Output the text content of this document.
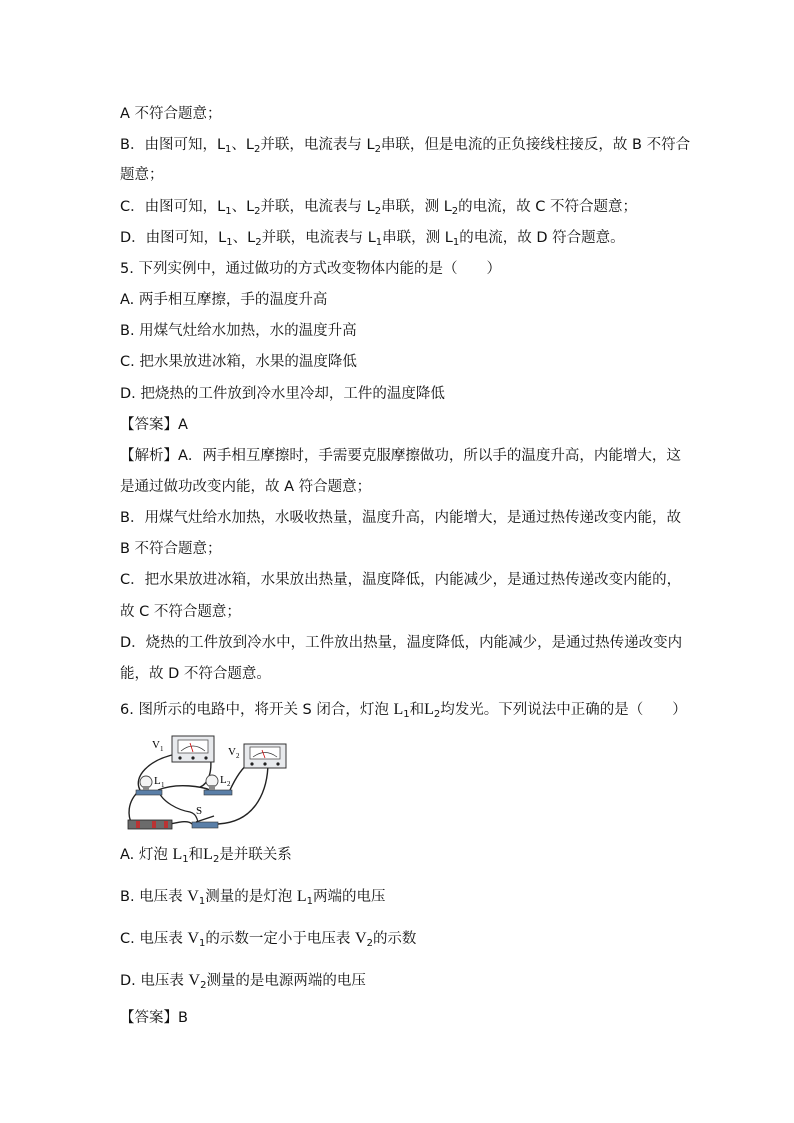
A 不符合题意；
B．由图可知，$L_1$、$L_2$并联，电流表与 $L_2$串联，但是电流的正负接线柱接反，故 B 不符合
题意；
C．由图可知，$L_1$、$L_2$并联，电流表与 $L_2$串联，测 $L_2$的电流，故 C 不符合题意；
D．由图可知，$L_1$、$L_2$并联，电流表与 $L_1$串联，测 $L_1$的电流，故 D 符合题意。
5. 下列实例中，通过做功的方式改变物体内能的是（　　）
A. 两手相互摩擦，手的温度升高
B. 用煤气灶给水加热，水的温度升高
C. 把水果放进冰箱，水果的温度降低
D. 把烧热的工件放到冷水里冷却，工件的温度降低
【答案】A
【解析】A．两手相互摩擦时，手需要克服摩擦做功，所以手的温度升高，内能增大，这
是通过做功改变内能，故 A 符合题意；
B．用煤气灶给水加热，水吸收热量，温度升高，内能增大，是通过热传递改变内能，故
B 不符合题意；
C．把水果放进冰箱，水果放出热量，温度降低，内能减少，是通过热传递改变内能的，
故 C 不符合题意；
D．烧热的工件放到冷水中，工件放出热量，温度降低，内能减少，是通过热传递改变内
能，故 D 不符合题意。
6. 图所示的电路中，将开关 S 闭合，灯泡 $L_1$和$L_2$均发光。下列说法中正确的是（　　）
V 1	V 2
L 1	L 2
S
A. 灯泡 $L_1$和$L_2$是并联关系
B. 电压表 $V_1$测量的是灯泡 $L_1$两端的电压
C. 电压表 $V_1$的示数一定小于电压表 $V_2$的示数
D. 电压表 $V_2$测量的是电源两端的电压
【答案】B
